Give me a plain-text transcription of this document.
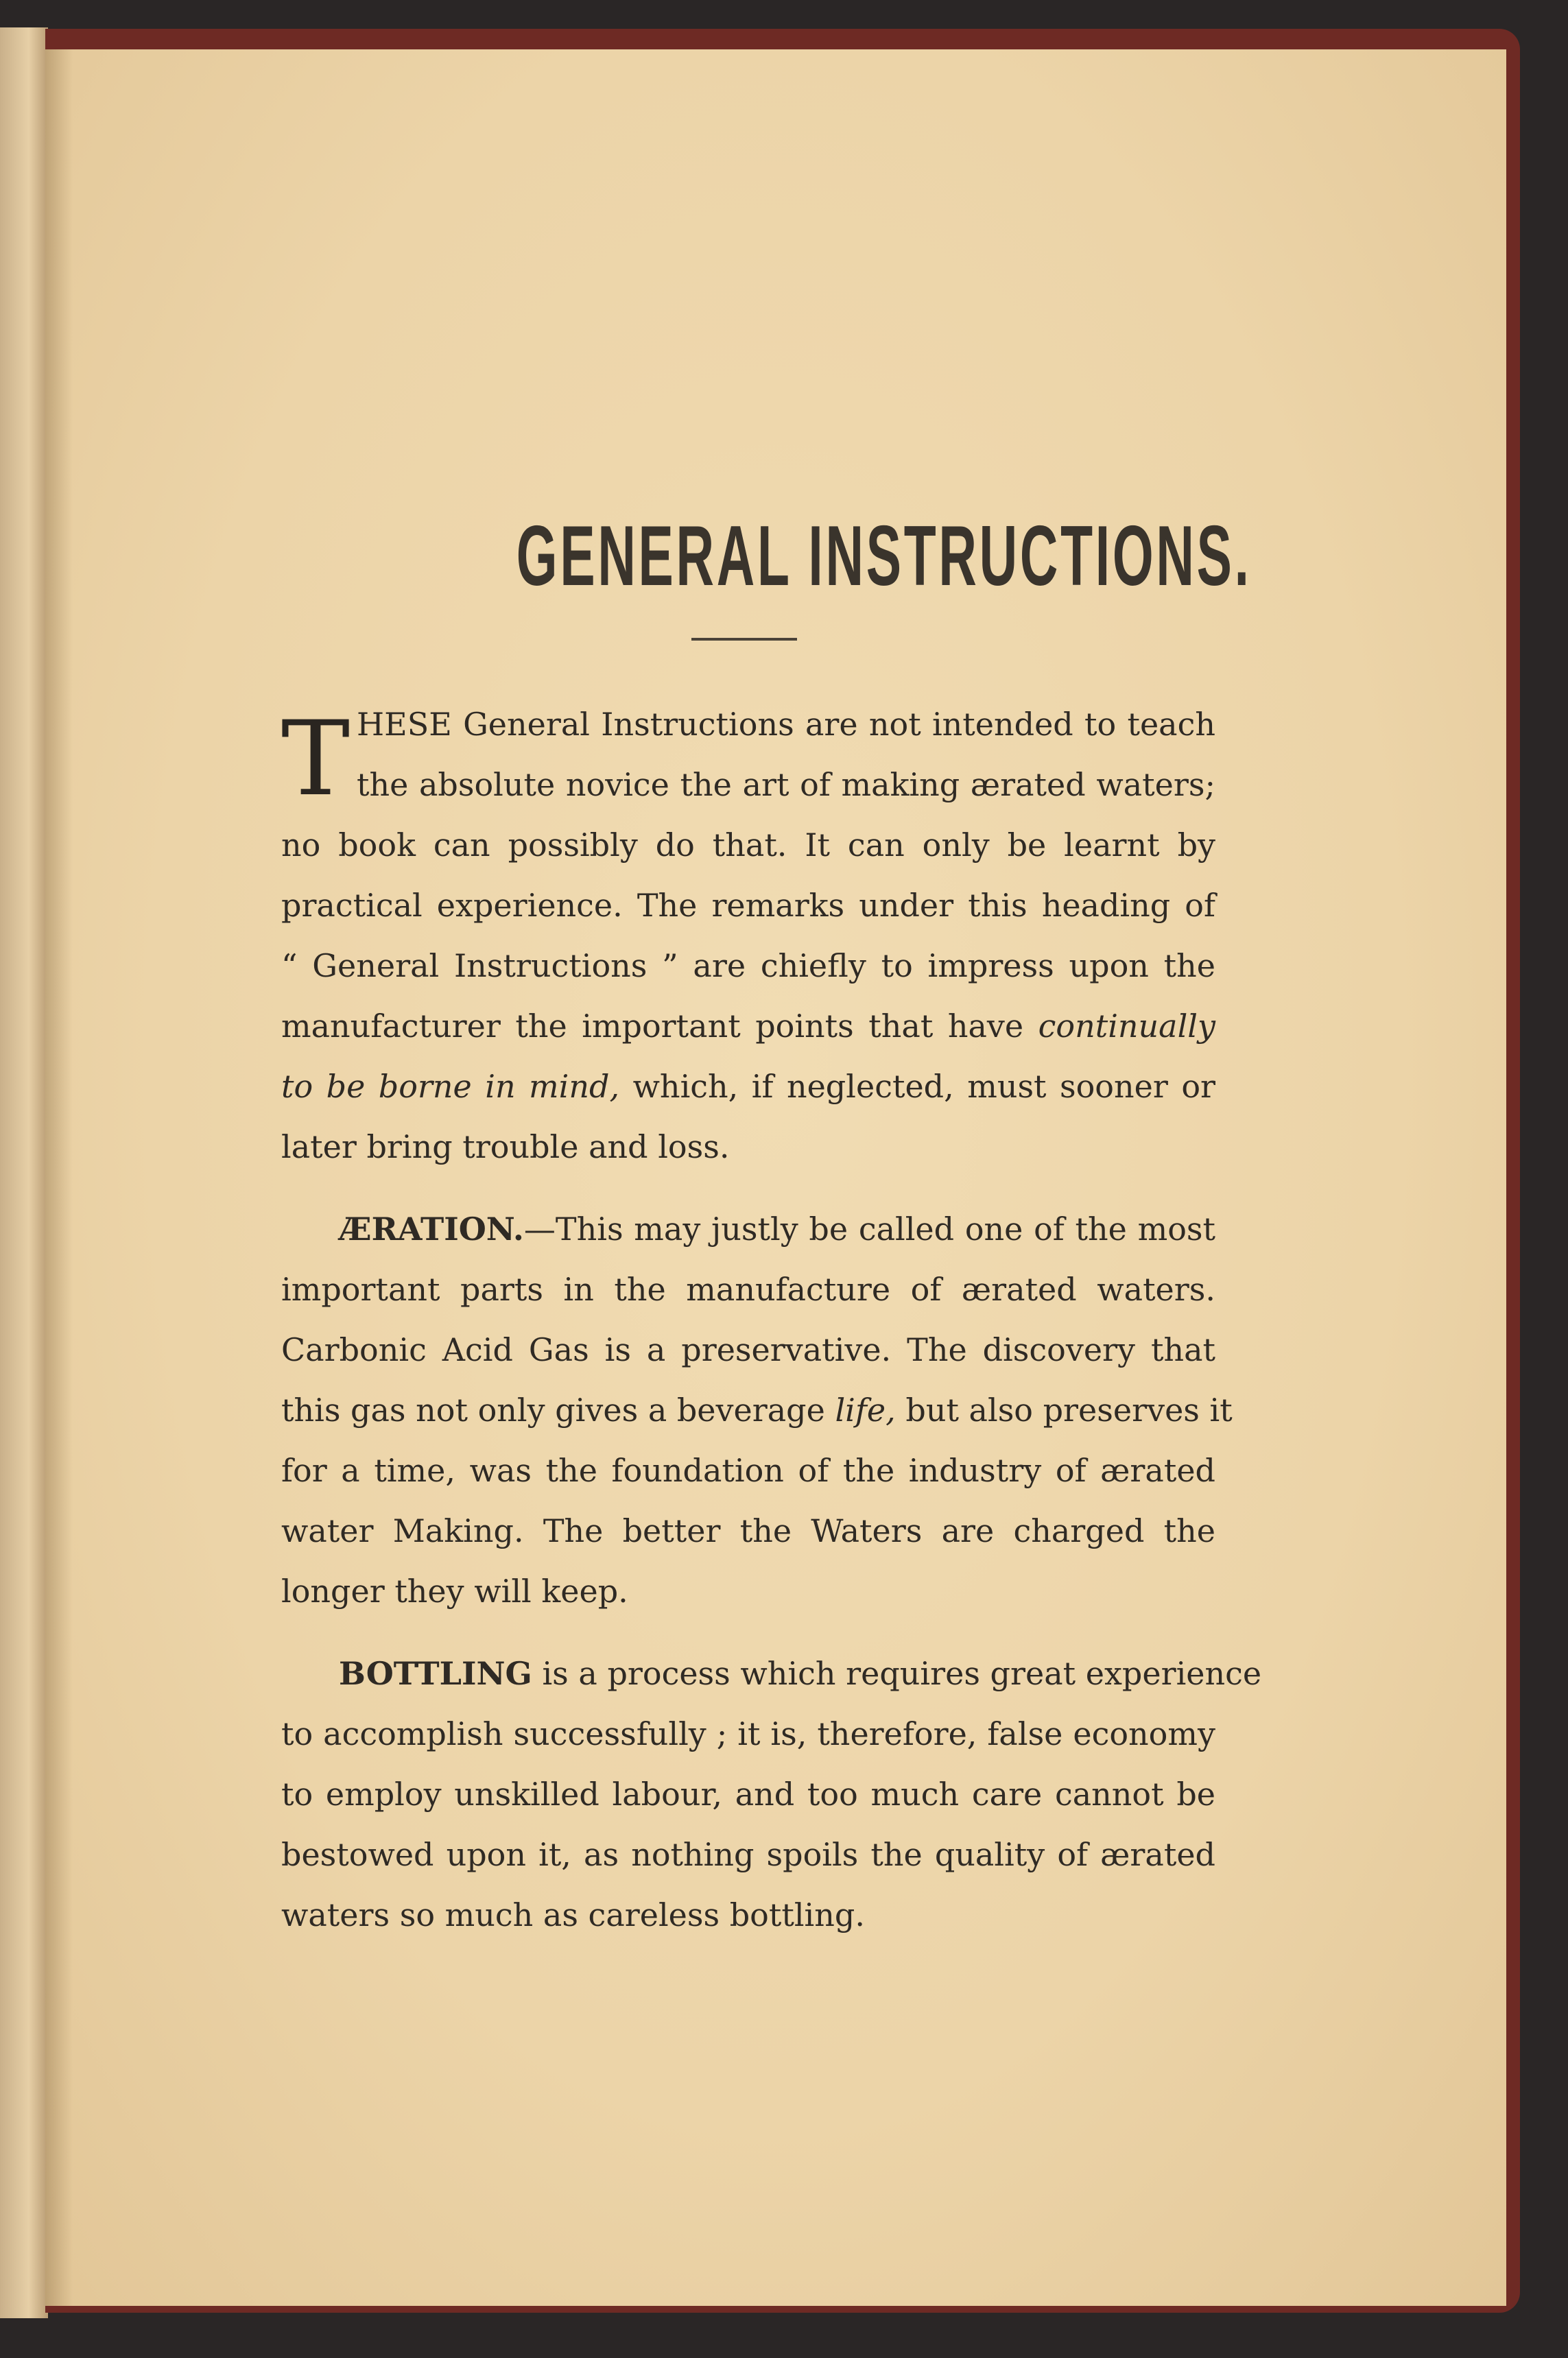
GENERAL INSTRUCTIONS.
T HESE General Instructions are not intended to teach
the absolute novice the art of making ærated waters;
no book can possibly do that. It can only be learnt by
practical experience. The remarks under this heading of
“ General Instructions ” are chiefly to impress upon the
manufacturer the important points that have continually
to be borne in mind, which, if neglected, must sooner or
later bring trouble and loss.
ÆRATION.—This may justly be called one of the most
important parts in the manufacture of ærated waters.
Carbonic Acid Gas is a preservative. The discovery that
this gas not only gives a beverage life, but also preserves it
for a time, was the foundation of the industry of ærated
water Making. The better the Waters are charged the
longer they will keep.
BOTTLING is a process which requires great experience
to accomplish successfully ; it is, therefore, false economy
to employ unskilled labour, and too much care cannot be
bestowed upon it, as nothing spoils the quality of ærated
waters so much as careless bottling.
